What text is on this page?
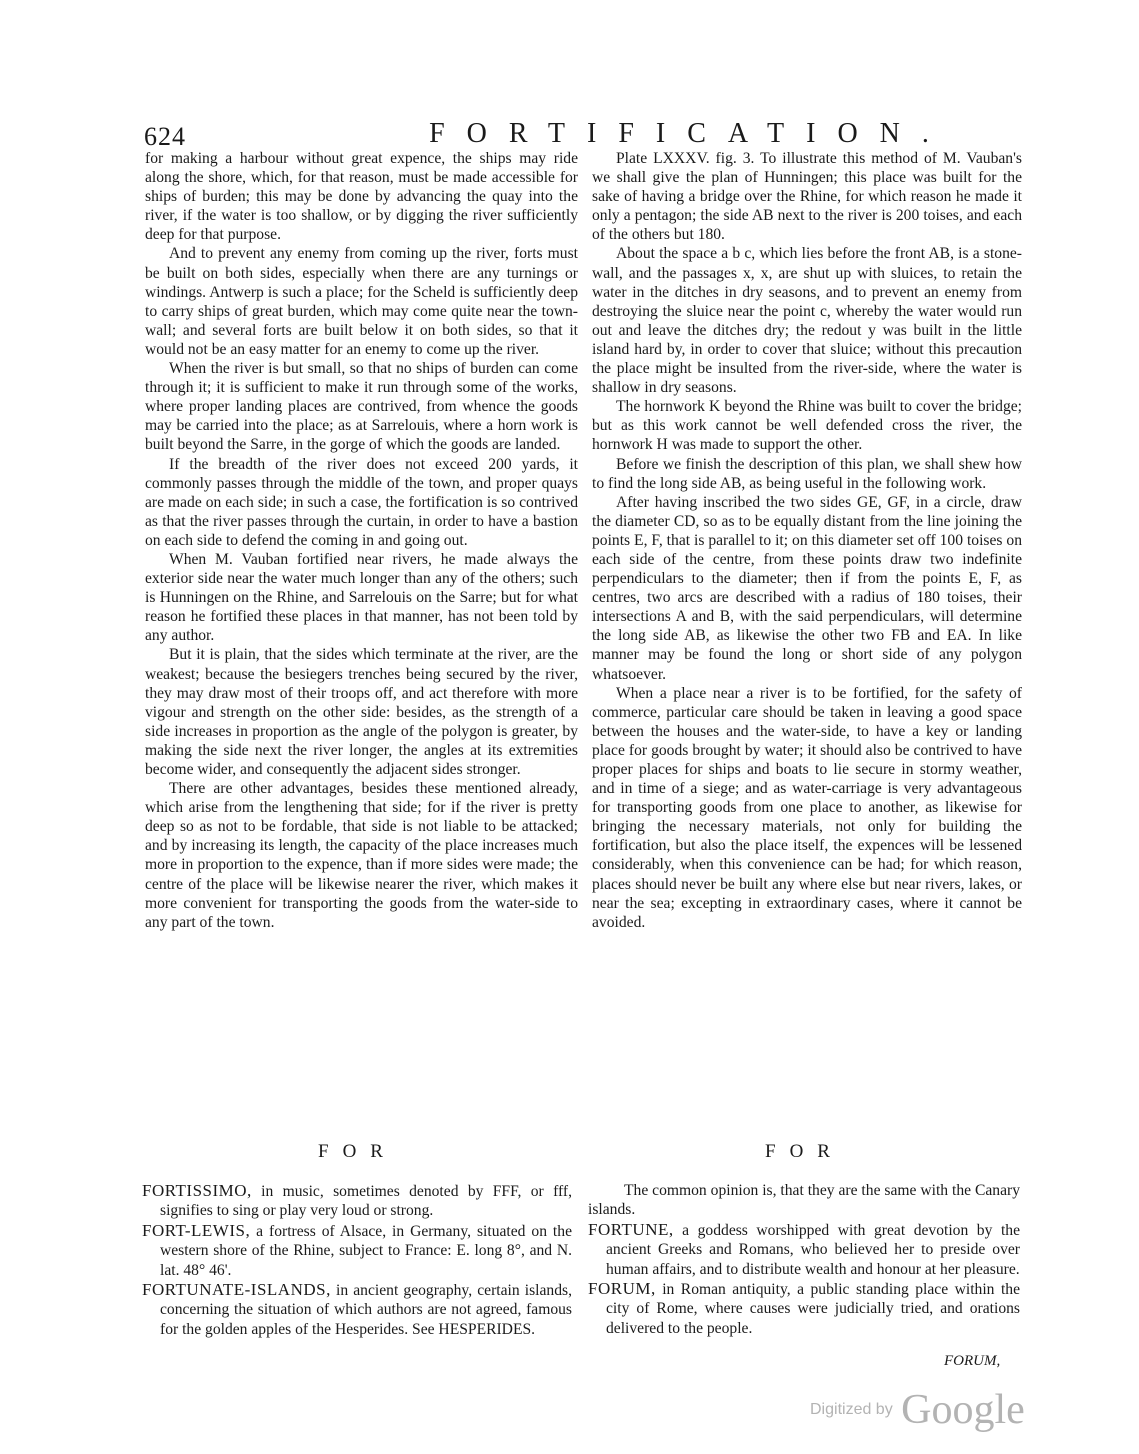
624	FORTIFICATION.

for making a harbour without great expence, the ships may ride along the shore, which, for that reason, must be made accessible for ships of burden; this may be done by advancing the quay into the river, if the water is too shallow, or by digging the river sufficiently deep for that purpose.

And to prevent any enemy from coming up the river, forts must be built on both sides, especially when there are any turnings or windings. Antwerp is such a place; for the Scheld is sufficiently deep to carry ships of great burden, which may come quite near the town-wall; and several forts are built below it on both sides, so that it would not be an easy matter for an enemy to come up the river.

When the river is but small, so that no ships of burden can come through it; it is sufficient to make it run through some of the works, where proper landing places are contrived, from whence the goods may be carried into the place; as at Sarrelouis, where a horn work is built beyond the Sarre, in the gorge of which the goods are landed.

If the breadth of the river does not exceed 200 yards, it commonly passes through the middle of the town, and proper quays are made on each side; in such a case, the fortification is so contrived as that the river passes through the curtain, in order to have a bastion on each side to defend the coming in and going out.

When M. Vauban fortified near rivers, he made always the exterior side near the water much longer than any of the others; such is Hunningen on the Rhine, and Sarrelouis on the Sarre; but for what reason he fortified these places in that manner, has not been told by any author.

But it is plain, that the sides which terminate at the river, are the weakest; because the besiegers trenches being secured by the river, they may draw most of their troops off, and act therefore with more vigour and strength on the other side: besides, as the strength of a side increases in proportion as the angle of the polygon is greater, by making the side next the river longer, the angles at its extremities become wider, and consequently the adjacent sides stronger.

There are other advantages, besides these mentioned already, which arise from the lengthening that side; for if the river is pretty deep so as not to be fordable, that side is not liable to be attacked; and by increasing its length, the capacity of the place increases much more in proportion to the expence, than if more sides were made; the centre of the place will be likewise nearer the river, which makes it more convenient for transporting the goods from the water-side to any part of the town.

Plate LXXXV. fig. 3. To illustrate this method of M. Vauban's we shall give the plan of Hunningen; this place was built for the sake of having a bridge over the Rhine, for which reason he made it only a pentagon; the side AB next to the river is 200 toises, and each of the others but 180.

About the space a b c, which lies before the front AB, is a stone-wall, and the passages x, x, are shut up with sluices, to retain the water in the ditches in dry seasons, and to prevent an enemy from destroying the sluice near the point c, whereby the water would run out and leave the ditches dry; the redout y was built in the little island hard by, in order to cover that sluice; without this precaution the place might be insulted from the river-side, where the water is shallow in dry seasons.

The hornwork K beyond the Rhine was built to cover the bridge; but as this work cannot be well defended cross the river, the hornwork H was made to support the other.

Before we finish the description of this plan, we shall shew how to find the long side AB, as being useful in the following work.

After having inscribed the two sides GE, GF, in a circle, draw the diameter CD, so as to be equally distant from the line joining the points E, F, that is parallel to it; on this diameter set off 100 toises on each side of the centre, from these points draw two indefinite perpendiculars to the diameter; then if from the points E, F, as centres, two arcs are described with a radius of 180 toises, their intersections A and B, with the said perpendiculars, will determine the long side AB, as likewise the other two FB and EA. In like manner may be found the long or short side of any polygon whatsoever.

When a place near a river is to be fortified, for the safety of commerce, particular care should be taken in leaving a good space between the houses and the water-side, to have a key or landing place for goods brought by water; it should also be contrived to have proper places for ships and boats to lie secure in stormy weather, and in time of a siege; and as water-carriage is very advantageous for transporting goods from one place to another, as likewise for bringing the necessary materials, not only for building the fortification, but also the place itself, the expences will be lessened considerably, when this convenience can be had; for which reason, places should never be built any where else but near rivers, lakes, or near the sea; excepting in extraordinary cases, where it cannot be avoided.

FOR	FOR

FORTISSIMO, in music, sometimes denoted by FFF, or fff, signifies to sing or play very loud or strong.

FORT-LEWIS, a fortress of Alsace, in Germany, situated on the western shore of the Rhine, subject to France: E. long 8°, and N. lat. 48° 46'.

FORTUNATE-ISLANDS, in ancient geography, certain islands, concerning the situation of which authors are not agreed, famous for the golden apples of the Hesperides. See HESPERIDES.

The common opinion is, that they are the same with the Canary islands.

FORTUNE, a goddess worshipped with great devotion by the ancient Greeks and Romans, who believed her to preside over human affairs, and to distribute wealth and honour at her pleasure.

FORUM, in Roman antiquity, a public standing place within the city of Rome, where causes were judicially tried, and orations delivered to the people.

FORUM,
Digitized by Google
